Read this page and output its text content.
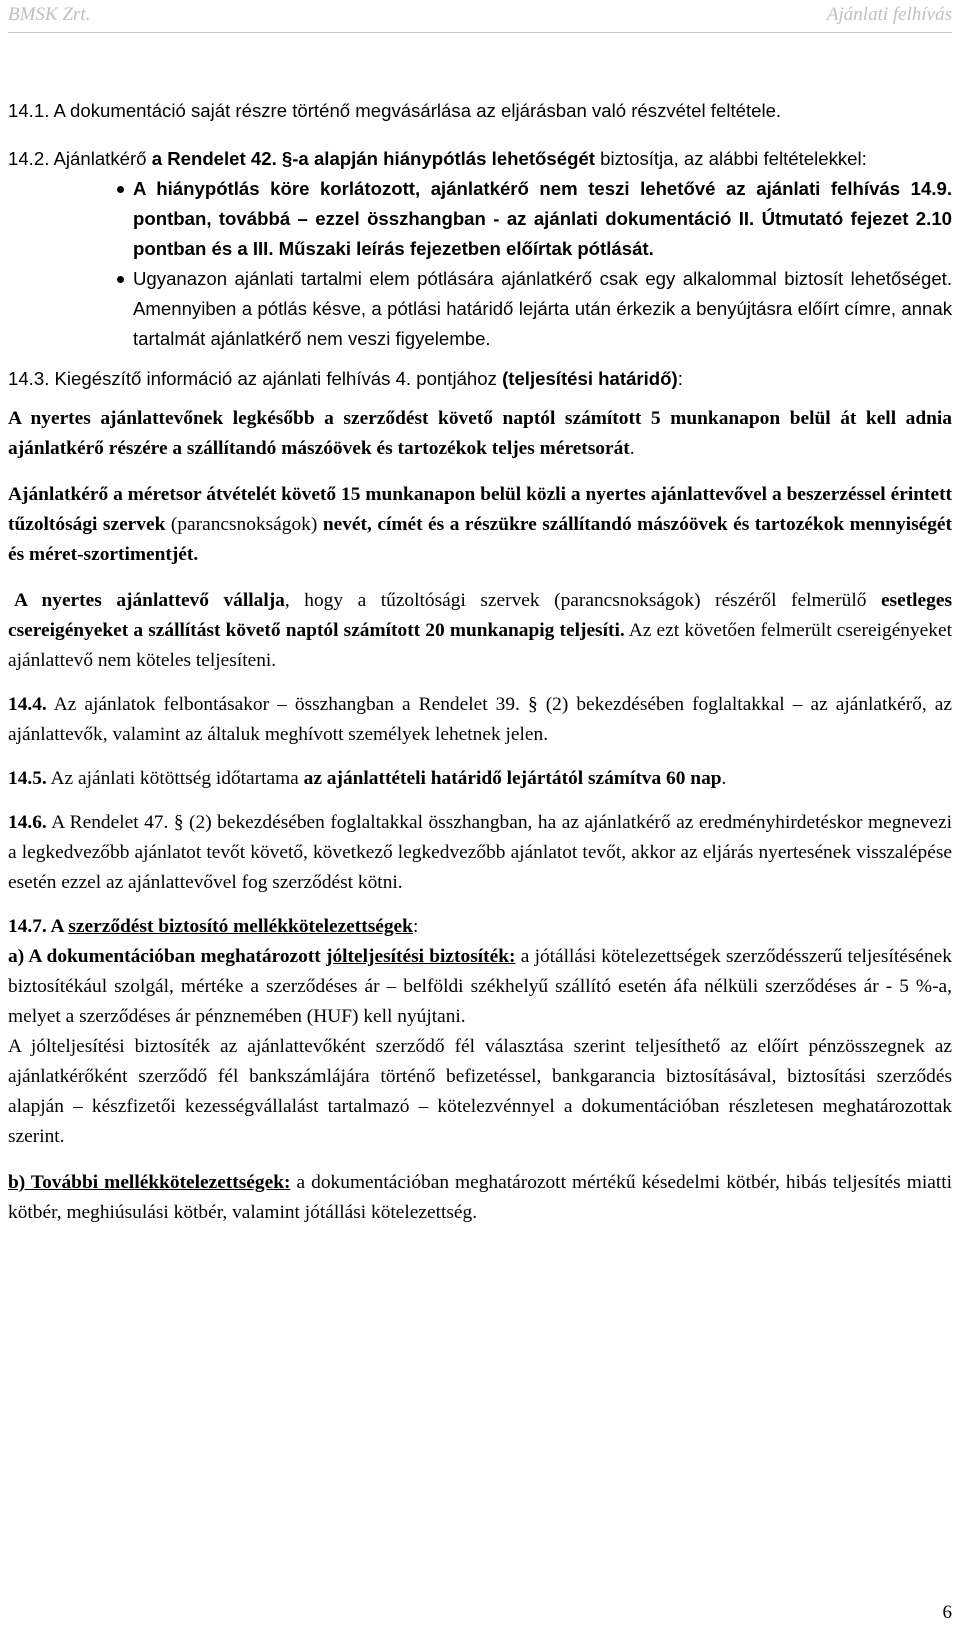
BMSK Zrt.	Ajánlati felhívás

14.1. A dokumentáció saját részre történő megvásárlása az eljárásban való részvétel feltétele.

14.2. Ajánlatkérő a Rendelet 42. §-a alapján hiánypótlás lehetőségét biztosítja, az alábbi feltételekkel:

A hiánypótlás köre korlátozott, ajánlatkérő nem teszi lehetővé az ajánlati felhívás 14.9. pontban, továbbá – ezzel összhangban - az ajánlati dokumentáció II. Útmutató fejezet 2.10 pontban és a III. Műszaki leírás fejezetben előírtak pótlását.
Ugyanazon ajánlati tartalmi elem pótlására ajánlatkérő csak egy alkalommal biztosít lehetőséget. Amennyiben a pótlás késve, a pótlási határidő lejárta után érkezik a benyújtásra előírt címre, annak tartalmát ajánlatkérő nem veszi figyelembe.

14.3. Kiegészítő információ az ajánlati felhívás 4. pontjához (teljesítési határidő):

A nyertes ajánlattevőnek legkésőbb a szerződést követő naptól számított 5 munkanapon belül át kell adnia ajánlatkérő részére a szállítandó mászóövek és tartozékok teljes méretsorát.

Ajánlatkérő a méretsor átvételét követő 15 munkanapon belül közli a nyertes ajánlattevővel a beszerzéssel érintett tűzoltósági szervek (parancsnokságok) nevét, címét és a részükre szállítandó mászóövek és tartozékok mennyiségét és méret-szortimentjét.

A nyertes ajánlattevő vállalja, hogy a tűzoltósági szervek (parancsnokságok) részéről felmerülő esetleges csereigényeket a szállítást követő naptól számított 20 munkanapig teljesíti. Az ezt követően felmerült csereigényeket ajánlattevő nem köteles teljesíteni.

14.4. Az ajánlatok felbontásakor – összhangban a Rendelet 39. § (2) bekezdésében foglaltakkal – az ajánlatkérő, az ajánlattevők, valamint az általuk meghívott személyek lehetnek jelen.

14.5. Az ajánlati kötöttség időtartama az ajánlattételi határidő lejártától számítva 60 nap.

14.6. A Rendelet 47. § (2) bekezdésében foglaltakkal összhangban, ha az ajánlatkérő az eredményhirdetéskor megnevezi a legkedvezőbb ajánlatot tevőt követő, következő legkedvezőbb ajánlatot tevőt, akkor az eljárás nyertesének visszalépése esetén ezzel az ajánlattevővel fog szerződést kötni.

14.7. A szerződést biztosító mellékkötelezettségek:

a) A dokumentációban meghatározott jólteljesítési biztosíték: a jótállási kötelezettségek szerződésszerű teljesítésének biztosítékául szolgál, mértéke a szerződéses ár – belföldi székhelyű szállító esetén áfa nélküli szerződéses ár - 5 %-a, melyet a szerződéses ár pénznemében (HUF) kell nyújtani.

A jólteljesítési biztosíték az ajánlattevőként szerződő fél választása szerint teljesíthető az előírt pénzösszegnek az ajánlatkérőként szerződő fél bankszámlájára történő befizetéssel, bankgarancia biztosításával, biztosítási szerződés alapján – készfizetői kezességvállalást tartalmazó – kötelezvénnyel a dokumentációban részletesen meghatározottak szerint.

b) További mellékkötelezettségek: a dokumentációban meghatározott mértékű késedelmi kötbér, hibás teljesítés miatti kötbér, meghiúsulási kötbér, valamint jótállási kötelezettség.

6
